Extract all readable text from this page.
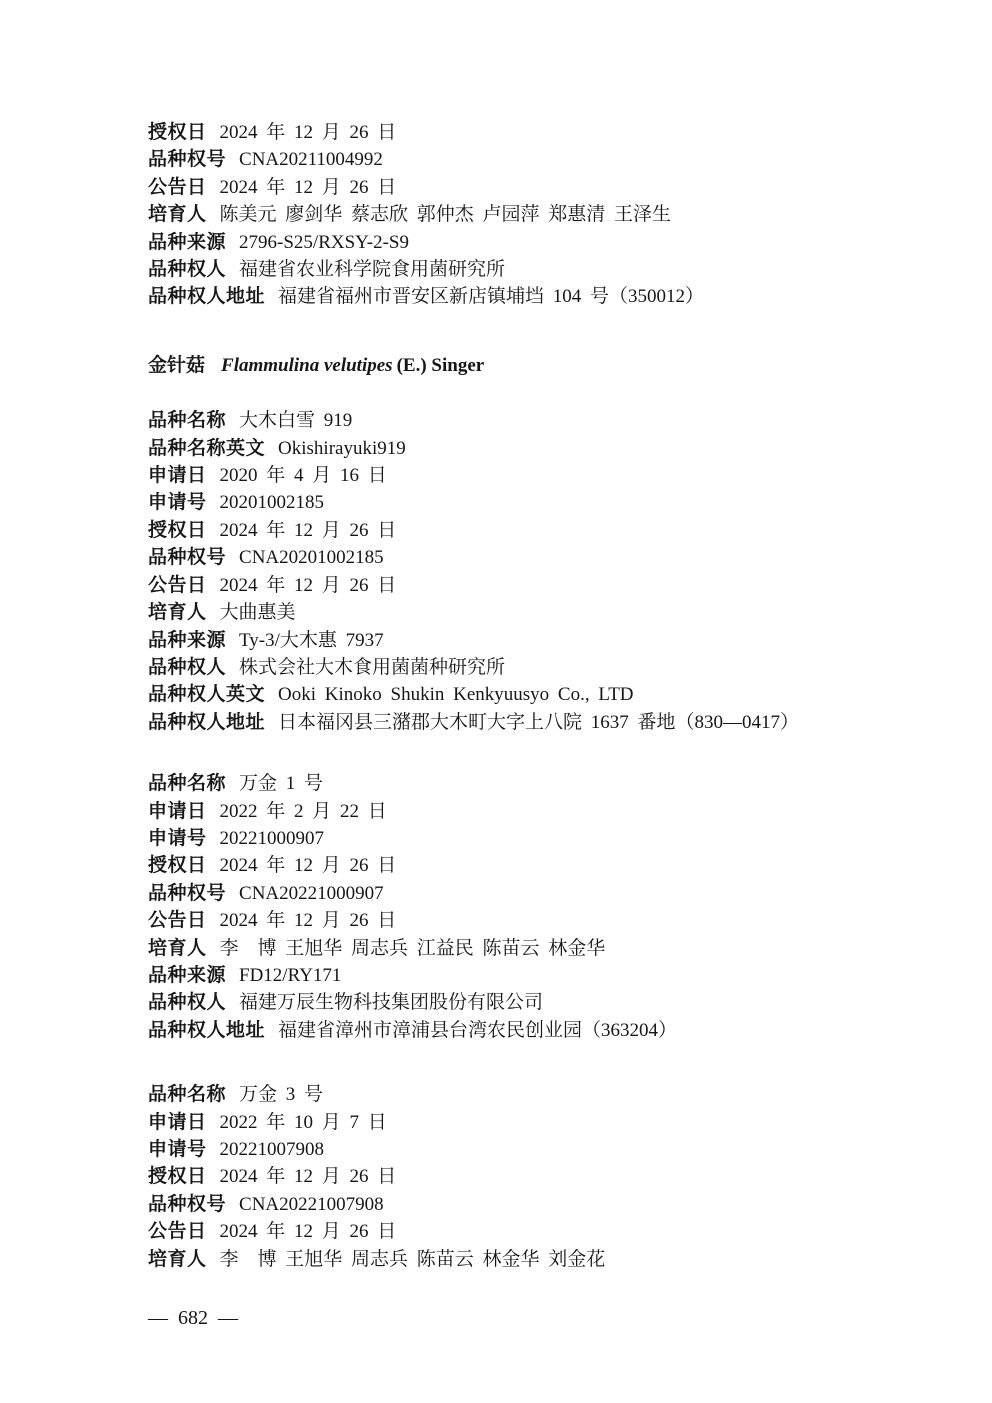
授权日 2024 年 12 月 26 日
品种权号 CNA20211004992
公告日 2024 年 12 月 26 日
培育人 陈美元 廖剑华 蔡志欣 郭仲杰 卢园萍 郑惠清 王泽生
品种来源 2796-S25/RXSY-2-S9
品种权人 福建省农业科学院食用菌研究所
品种权人地址 福建省福州市晋安区新店镇埔垱 104 号（350012）
金针菇 Flammulina velutipes (E.) Singer
品种名称 大木白雪 919
品种名称英文 Okishirayuki919
申请日 2020 年 4 月 16 日
申请号 20201002185
授权日 2024 年 12 月 26 日
品种权号 CNA20201002185
公告日 2024 年 12 月 26 日
培育人 大曲惠美
品种来源 Ty-3/大木惠 7937
品种权人 株式会社大木食用菌菌种研究所
品种权人英文 Ooki Kinoko Shukin Kenkyuusyo Co., LTD
品种权人地址 日本福冈县三潴郡大木町大字上八院 1637 番地（830—0417）
品种名称 万金 1 号
申请日 2022 年 2 月 22 日
申请号 20221000907
授权日 2024 年 12 月 26 日
品种权号 CNA20221000907
公告日 2024 年 12 月 26 日
培育人 李　博 王旭华 周志兵 江益民 陈苗云 林金华
品种来源 FD12/RY171
品种权人 福建万辰生物科技集团股份有限公司
品种权人地址 福建省漳州市漳浦县台湾农民创业园（363204）
品种名称 万金 3 号
申请日 2022 年 10 月 7 日
申请号 20221007908
授权日 2024 年 12 月 26 日
品种权号 CNA20221007908
公告日 2024 年 12 月 26 日
培育人 李　博 王旭华 周志兵 陈苗云 林金华 刘金花
— 682 —
